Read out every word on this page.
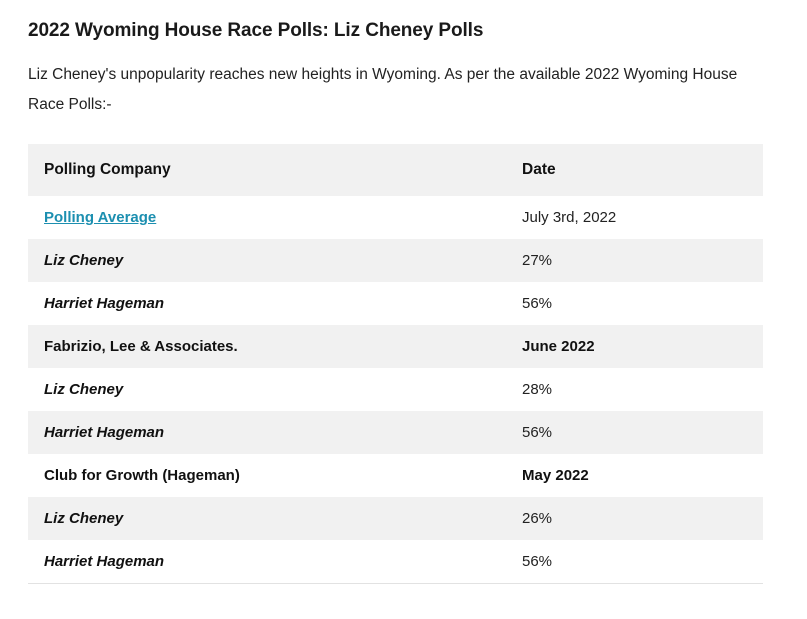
2022 Wyoming House Race Polls: Liz Cheney Polls

Liz Cheney's unpopularity reaches new heights in Wyoming. As per the available 2022 Wyoming House Race Polls:-

Polling Company	Date
Polling Average	July 3rd, 2022
Liz Cheney	27%
Harriet Hageman	56%
Fabrizio, Lee & Associates.	June 2022
Liz Cheney	28%
Harriet Hageman	56%
Club for Growth (Hageman)	May 2022
Liz Cheney	26%
Harriet Hageman	56%
